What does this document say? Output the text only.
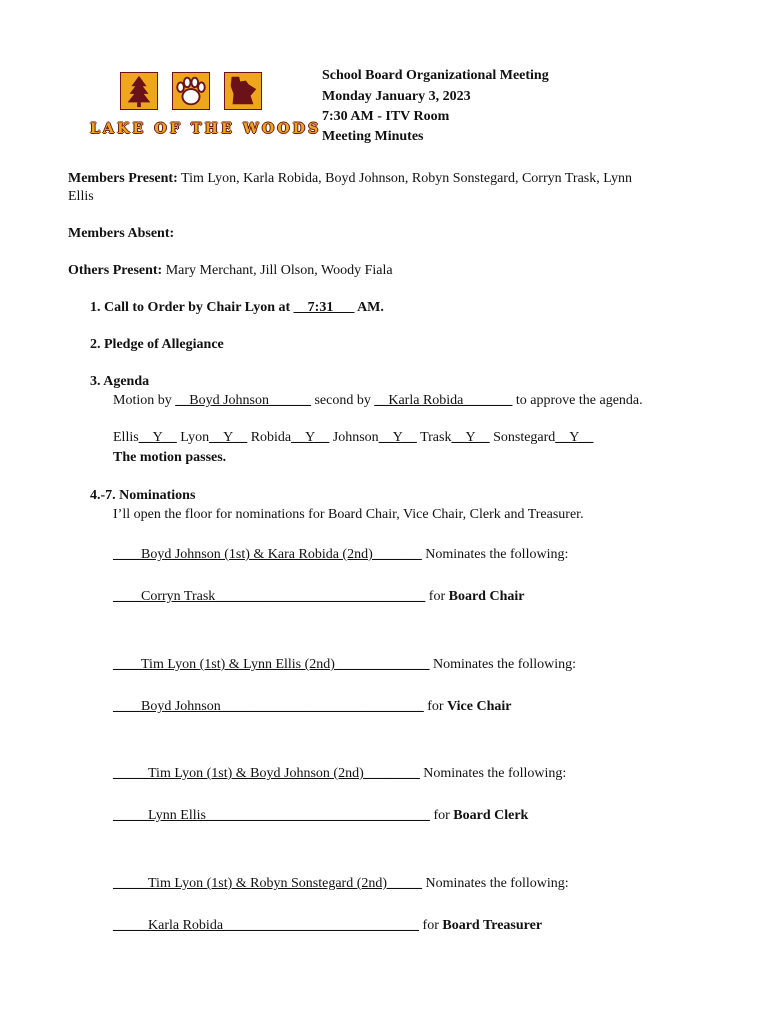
LAKE OF THE WOODS
School Board Organizational Meeting
Monday January 3, 2023
7:30 AM - ITV Room
Meeting Minutes
Members Present: Tim Lyon, Karla Robida, Boyd Johnson, Robyn Sonstegard, Corryn Trask, Lynn
Ellis
Members Absent:
Others Present: Mary Merchant, Jill Olson, Woody Fiala
1. Call to Order by Chair Lyon at __7:31___ AM.
2. Pledge of Allegiance
3. Agenda
Motion by __Boyd Johnson______ second by __Karla Robida_______ to approve the agenda.
Ellis__Y__ Lyon__Y__ Robida__Y__ Johnson__Y__ Trask__Y__ Sonstegard__Y__
The motion passes.
4.-7. Nominations
I’ll open the floor for nominations for Board Chair, Vice Chair, Clerk and Treasurer.
____Boyd Johnson (1st) & Kara Robida (2nd)_______ Nominates the following:
____Corryn Trask______________________________ for Board Chair
____Tim Lyon (1st) & Lynn Ellis (2nd) _____________ Nominates the following:
____Boyd Johnson_____________________________ for Vice Chair
_____Tim Lyon (1st) & Boyd Johnson (2nd)________ Nominates the following:
_____Lynn Ellis________________________________ for Board Clerk
_____Tim Lyon (1st) & Robyn Sonstegard (2nd)_____ Nominates the following:
_____Karla Robida____________________________ for Board Treasurer
